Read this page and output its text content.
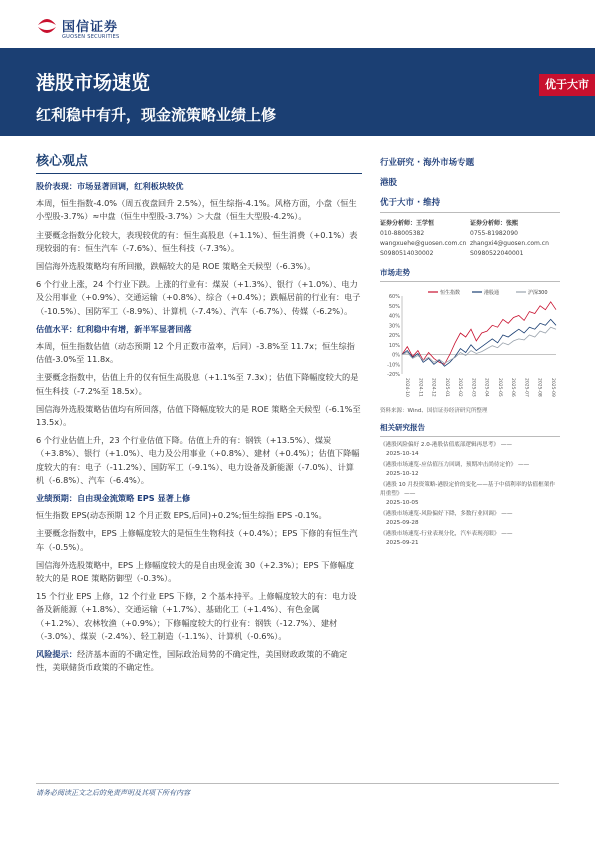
国信证券
GUOSEN SECURITIES
港股市场速览
红利稳中有升，现金流策略业绩上修
优于大市
核心观点
股价表现：市场显著回调，红利板块较优
本周，恒生指数-4.0%（周五夜盘回升 2.5%），恒生综指-4.1%。风格方面，小盘（恒生小型股-3.7%）≈中盘（恒生中型股-3.7%）＞大盘（恒生大型股-4.2%）。
主要概念指数分化较大，表现较优的有：恒生高股息（+1.1%）、恒生消费（+0.1%）表现较弱的有：恒生汽车（-7.6%）、恒生科技（-7.3%）。
国信海外选股策略均有所回撤，跌幅较大的是 ROE 策略全天候型（-6.3%）。
6 个行业上涨，24 个行业下跌。上涨的行业有：煤炭（+1.3%）、银行（+1.0%）、电力及公用事业（+0.9%）、交通运输（+0.8%）、综合（+0.4%）；跌幅居前的行业有：电子（-10.5%）、国防军工（-8.9%）、计算机（-7.4%）、汽车（-6.7%）、传媒（-6.2%）。
估值水平：红利稳中有增，新半军显著回落
本周，恒生指数估值（动态预期 12 个月正数市盈率，后同）-3.8%至 11.7x；恒生综指估值-3.0%至 11.8x。
主要概念指数中，估值上升的仅有恒生高股息（+1.1%至 7.3x）；估值下降幅度较大的是恒生科技（-7.2%至 18.5x）。
国信海外选股策略估值均有所回落，估值下降幅度较大的是 ROE 策略全天候型（-6.1%至 13.5x）。
6 个行业估值上升，23 个行业估值下降。估值上升的有：钢铁（+13.5%）、煤炭（+3.8%）、银行（+1.0%）、电力及公用事业（+0.8%）、建材（+0.4%）；估值下降幅度较大的有：电子（-11.2%）、国防军工（-9.1%）、电力设备及新能源（-7.0%）、计算机（-6.8%）、汽车（-6.4%）。
业绩预期：自由现金流策略 EPS 显著上修
恒生指数 EPS(动态预期 12 个月正数 EPS,后同)+0.2%;恒生综指 EPS -0.1%。
主要概念指数中，EPS 上修幅度较大的是恒生生物科技（+0.4%）；EPS 下修的有恒生汽车（-0.5%）。
国信海外选股策略中，EPS 上修幅度较大的是自由现金流 30（+2.3%）；EPS 下修幅度较大的是 ROE 策略防御型（-0.3%）。
15 个行业 EPS 上修，12 个行业 EPS 下修，2 个基本持平。上修幅度较大的有：电力设备及新能源（+1.8%）、交通运输（+1.7%）、基础化工（+1.4%）、有色金属（+1.2%）、农林牧渔（+0.9%）；下修幅度较大的行业有：钢铁（-12.7%）、建材（-3.0%）、煤炭（-2.4%）、轻工制造（-1.1%）、计算机（-0.6%）。
风险提示：经济基本面的不确定性，国际政治局势的不确定性，美国财政政策的不确定性，美联储货币政策的不确定性。
行业研究 · 海外市场专题
港股
优于大市 · 维持
证券分析师：王学恒
010-88005382
wangxuehe@guosen.com.cn
S0980514030002
证券分析师：张熙
0755-81982090
zhangxi4@guosen.com.cn
S0980522040001
市场走势
60%
50%
40%
30%
20%
10%
0%
-10%
-20%
2024-10 2024-11 2024-12 2025-01 2025-02 2025-03 2025-04 2025-05 2025-06 2025-07 2025-08 2025-09
恒生指数	港股通	沪深300
资料来源：Wind、国信证券经济研究所整理
相关研究报告
《港股风险偏好 2.0-港股估值底部逻辑再思考》 ——
2025-10-14
《港股市场速览-应估值压力回调，预期冲击尚待定价》 ——
2025-10-12
《港股 10 月投资策略-港股定价的变化——基于中债利率的估值框架作用重塑》 ——
2025-10-05
《港股市场速览-风险偏好下降，多数行业回调》 ——
2025-09-28
《港股市场速览-行业表现分化，汽车表现亮眼》 ——
2025-09-21
请务必阅读正文之后的免责声明及其项下所有内容
